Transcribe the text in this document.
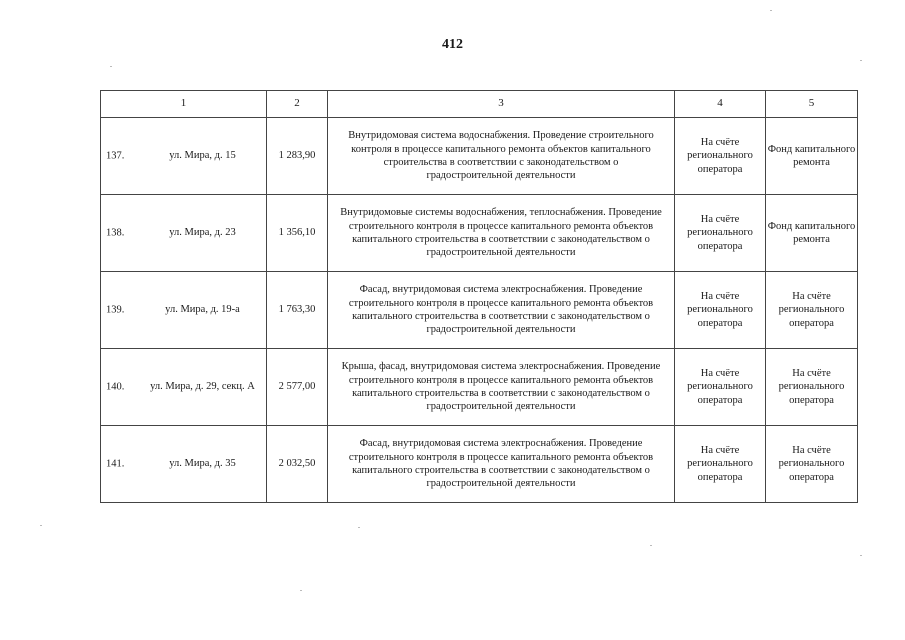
412
1	2	3	4	5

137. ул. Мира, д. 15	1 283,90	Внутридомовая система водоснабжения. Проведение строительного контроля в процессе капитального ремонта объектов капитального строительства в соответствии с законодательством о градостроительной деятельности	На счёте регионального оператора	Фонд капитального ремонта

138. ул. Мира, д. 23	1 356,10	Внутридомовые системы водоснабжения, теплоснабжения. Проведение строительного контроля в процессе капитального ремонта объектов капитального строительства в соответствии с законодательством о градостроительной деятельности	На счёте регионального оператора	Фонд капитального ремонта

139. ул. Мира, д. 19-а	1 763,30	Фасад, внутридомовая система электроснабжения. Проведение строительного контроля в процессе капитального ремонта объектов капитального строительства в соответствии с законодательством о градостроительной деятельности	На счёте регионального оператора	На счёте регионального оператора

140. ул. Мира, д. 29, секц. А	2 577,00	Крыша, фасад, внутридомовая система электроснабжения. Проведение строительного контроля в процессе капитального ремонта объектов капитального строительства в соответствии с законодательством о градостроительной деятельности	На счёте регионального оператора	На счёте регионального оператора

141. ул. Мира, д. 35	2 032,50	Фасад, внутридомовая система электроснабжения. Проведение строительного контроля в процессе капитального ремонта объектов капитального строительства в соответствии с законодательством о градостроительной деятельности	На счёте регионального оператора	На счёте регионального оператора
